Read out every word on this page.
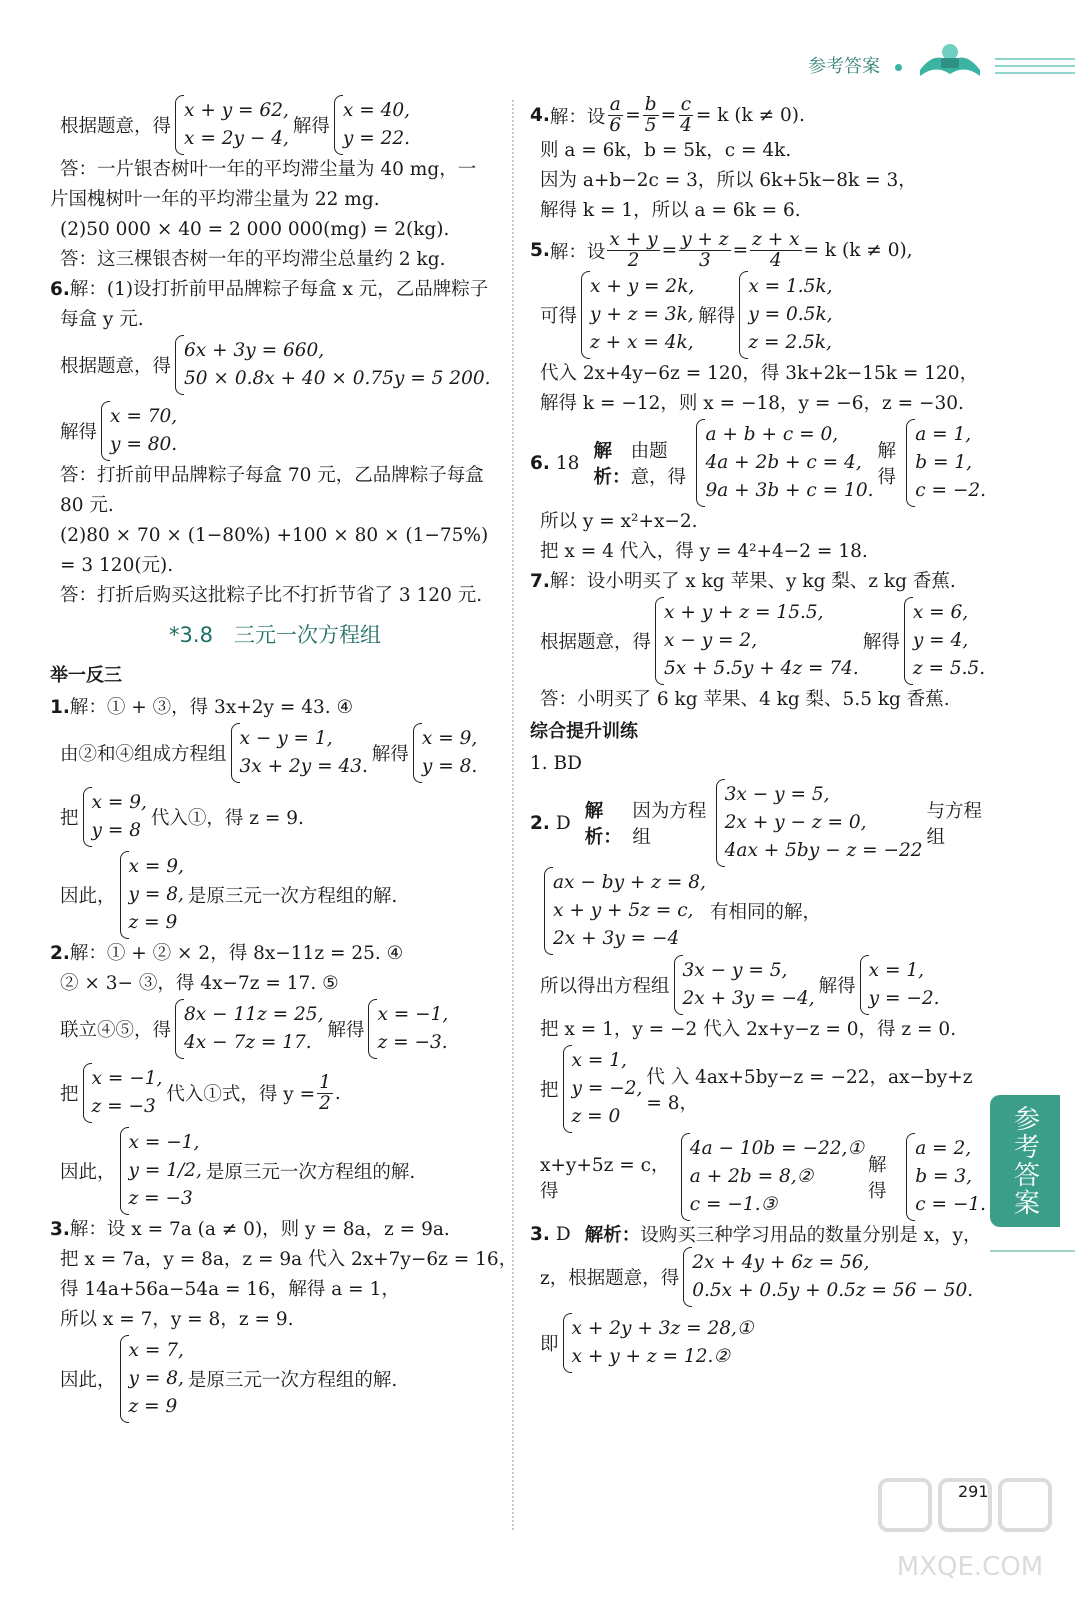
参考答案
根据题意，得
x + y = 62,
x = 2y − 4,
解得
x = 40,
y = 22.
答：一片银杏树叶一年的平均滞尘量为 40 mg，一
片国槐树叶一年的平均滞尘量为 22 mg.
(2)50 000 × 40 = 2 000 000(mg) = 2(kg).
答：这三棵银杏树一年的平均滞尘总量约 2 kg.
6.解：(1)设打折前甲品牌粽子每盒 x 元，乙品牌粽子
每盒 y 元.
根据题意，得
6x + 3y = 660,
50 × 0.8x + 40 × 0.75y = 5 200.
解得
x = 70,
y = 80.
答：打折前甲品牌粽子每盒 70 元，乙品牌粽子每盒
80 元.
(2)80 × 70 × (1−80%) +100 × 80 × (1−75%)
= 3 120(元).
答：打折后购买这批粽子比不打折节省了 3 120 元.
*3.8　三元一次方程组
举一反三
1.解：① + ③，得 3x+2y = 43. ④
由②和④组成方程组
x − y = 1,
3x + 2y = 43.
解得
x = 9,
y = 8.
把
x = 9,
y = 8
代入①，得 z = 9.
因此，
x = 9,
y = 8,
z = 9
是原三元一次方程组的解.
2.解：① + ② × 2，得 8x−11z = 25. ④
② × 3− ③，得 4x−7z = 17. ⑤
联立④⑤，得
8x − 11z = 25,
4x − 7z = 17.
解得
x = −1,
z = −3.
把
x = −1,
z = −3
代入①式，得 $y = \frac{1}{2}$ .
因此，
x = −1,
y = 1/2,
z = −3
是原三元一次方程组的解.
3.解：设 x = 7a (a ≠ 0)，则 y = 8a，z = 9a.
把 x = 7a，y = 8a，z = 9a 代入 2x+7y−6z = 16，
得 14a+56a−54a = 16，解得 a = 1，
所以 x = 7，y = 8，z = 9.
因此，
x = 7,
y = 8,
z = 9
是原三元一次方程组的解.
4. 解：设 $\frac{a}{6} = \frac{b}{5} = \frac{c}{4} = k$ (k ≠ 0).
则 a = 6k，b = 5k，c = 4k.
因为 a+b−2c = 3，所以 6k+5k−8k = 3，
解得 k = 1，所以 a = 6k = 6.
5. 解：设 $\frac{x + y}{2} = \frac{y + z}{3} = \frac{z + x}{4} = k$ (k ≠ 0),
可得
x + y = 2k,
y + z = 3k,
z + x = 4k,
解得
x = 1.5k,
y = 0.5k,
z = 2.5k,
代入 2x+4y−6z = 120，得 3k+2k−15k = 120，
解得 k = −12，则 x = −18，y = −6，z = −30.
6. 18
解析：
由题意，得
a + b + c = 0,
4a + 2b + c = 4,
9a + 3b + c = 10.
解得
a = 1,
b = 1,
c = −2.
所以 y = x²+x−2.
把 x = 4 代入，得 y = 4²+4−2 = 18.
7.解：设小明买了 x kg 苹果、y kg 梨、z kg 香蕉.
根据题意，得
x + y + z = 15.5,
x − y = 2,
5x + 5.5y + 4z = 74.
解得
x = 6,
y = 4,
z = 5.5.
答：小明买了 6 kg 苹果、4 kg 梨、5.5 kg 香蕉.
综合提升训练
1. BD
2. D
解析：
因为方程组
3x − y = 5,
2x + y − z = 0,
4ax + 5by − z = −22
与方程组
ax − by + z = 8,
x + y + 5z = c,
2x + 3y = −4
有相同的解，
所以得出方程组
3x − y = 5,
2x + 3y = −4,
解得
x = 1,
y = −2.
把 x = 1，y = −2 代入 2x+y−z = 0，得 z = 0.
把
x = 1,
y = −2,
z = 0
代 入 4ax+5by−z = −22，ax−by+z = 8，
x+y+5z = c，得
4a − 10b = −22,①
a + 2b = 8,②
c = −1.③
解得
a = 2,
b = 3,
c = −1.
3. D 解析： 设购买三种学习用品的数量分别是 x，y，
z，根据题意，得
2x + 4y + 6z = 56,
0.5x + 0.5y + 0.5z = 56 − 50.
即
x + 2y + 3z = 28,①
x + y + z = 12.②
参考答案
291
MXQE.COM
